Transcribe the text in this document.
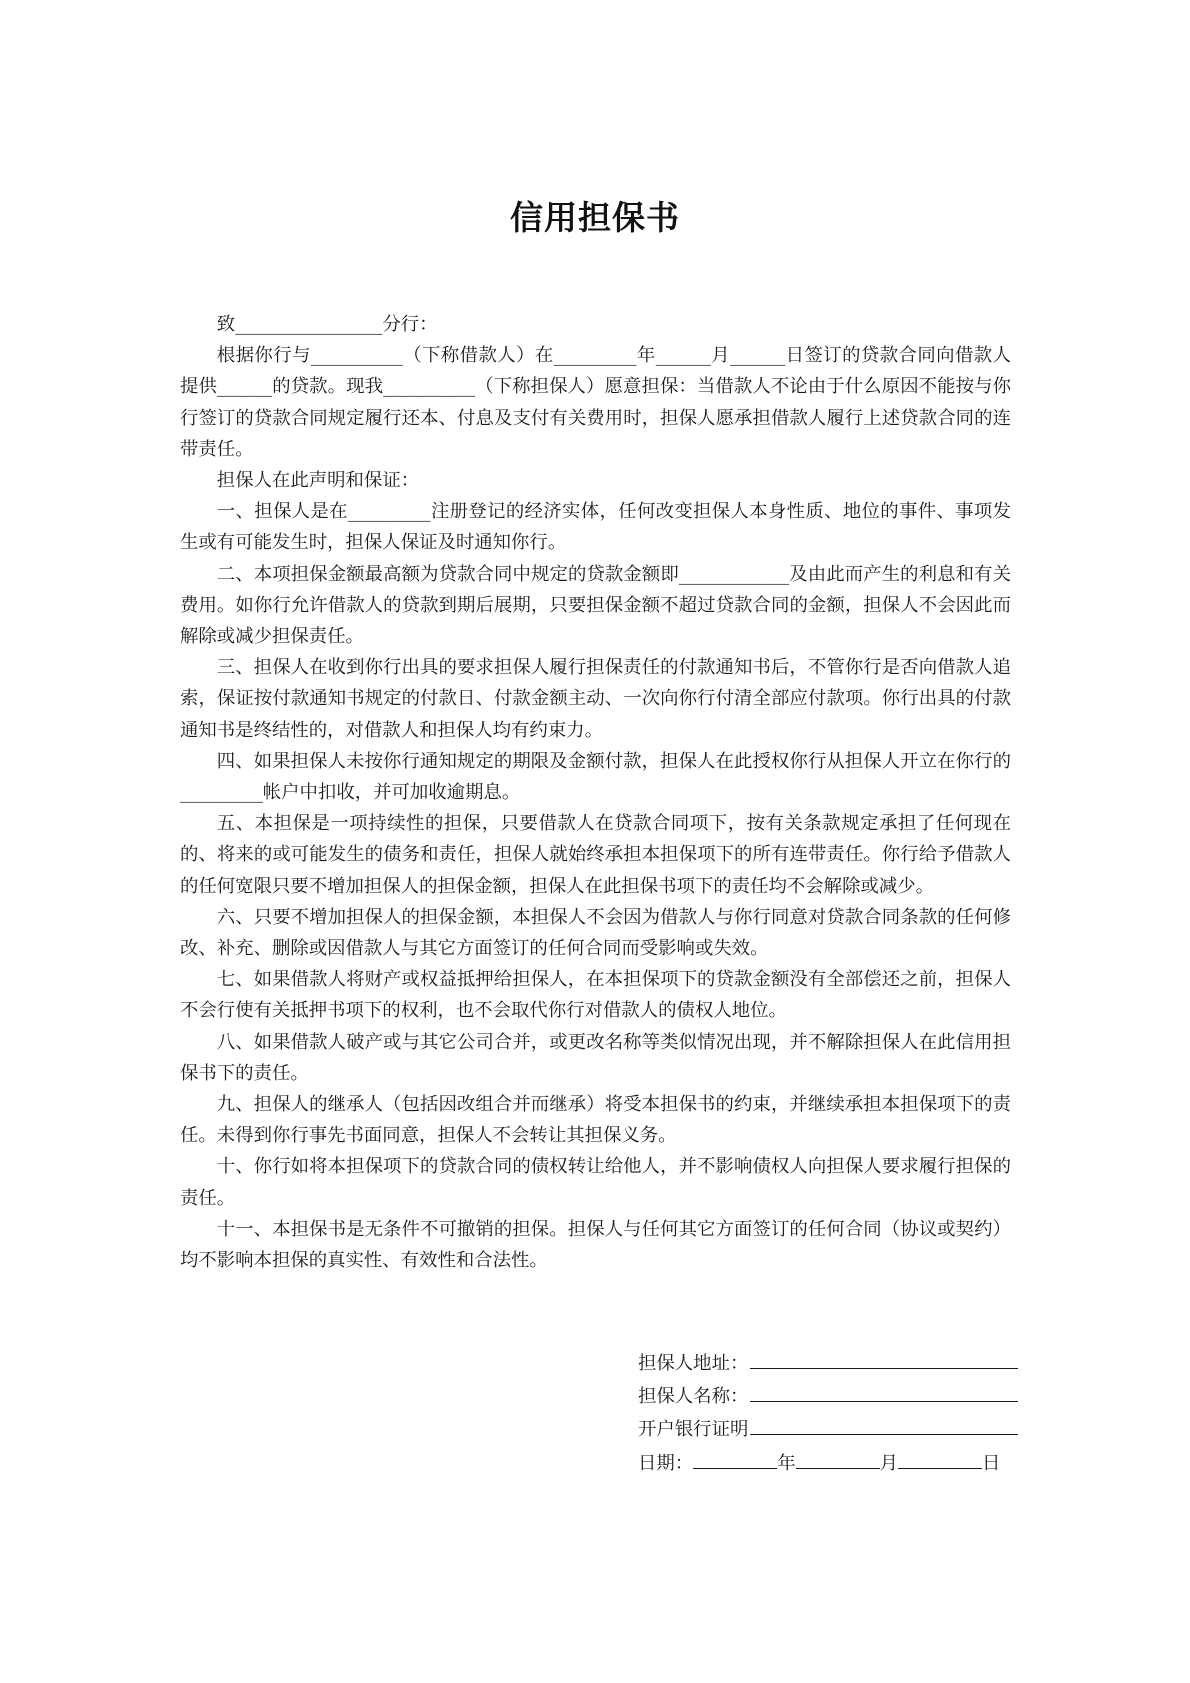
信用担保书

致________________分行：

根据你行与__________（下称借款人）在_________年______月______日签订的贷款合同向借款人提供______的贷款。现我__________（下称担保人）愿意担保：当借款人不论由于什么原因不能按与你行签订的贷款合同规定履行还本、付息及支付有关费用时，担保人愿承担借款人履行上述贷款合同的连带责任。

担保人在此声明和保证：

一、担保人是在_________注册登记的经济实体，任何改变担保人本身性质、地位的事件、事项发生或有可能发生时，担保人保证及时通知你行。

二、本项担保金额最高额为贷款合同中规定的贷款金额即____________及由此而产生的利息和有关费用。如你行允许借款人的贷款到期后展期，只要担保金额不超过贷款合同的金额，担保人不会因此而解除或减少担保责任。

三、担保人在收到你行出具的要求担保人履行担保责任的付款通知书后，不管你行是否向借款人追索，保证按付款通知书规定的付款日、付款金额主动、一次向你行付清全部应付款项。你行出具的付款通知书是终结性的，对借款人和担保人均有约束力。

四、如果担保人未按你行通知规定的期限及金额付款，担保人在此授权你行从担保人开立在你行的_________帐户中扣收，并可加收逾期息。

五、本担保是一项持续性的担保，只要借款人在贷款合同项下，按有关条款规定承担了任何现在的、将来的或可能发生的债务和责任，担保人就始终承担本担保项下的所有连带责任。你行给予借款人的任何宽限只要不增加担保人的担保金额，担保人在此担保书项下的责任均不会解除或减少。

六、只要不增加担保人的担保金额，本担保人不会因为借款人与你行同意对贷款合同条款的任何修改、补充、删除或因借款人与其它方面签订的任何合同而受影响或失效。

七、如果借款人将财产或权益抵押给担保人，在本担保项下的贷款金额没有全部偿还之前，担保人不会行使有关抵押书项下的权利，也不会取代你行对借款人的债权人地位。

八、如果借款人破产或与其它公司合并，或更改名称等类似情况出现，并不解除担保人在此信用担保书下的责任。

九、担保人的继承人（包括因改组合并而继承）将受本担保书的约束，并继续承担本担保项下的责任。未得到你行事先书面同意，担保人不会转让其担保义务。

十、你行如将本担保项下的贷款合同的债权转让给他人，并不影响债权人向担保人要求履行担保的责任。

十一、本担保书是无条件不可撤销的担保。担保人与任何其它方面签订的任何合同（协议或契约）均不影响本担保的真实性、有效性和合法性。

担保人地址：
担保人名称：
开户银行证明
日期：	年	月	日
